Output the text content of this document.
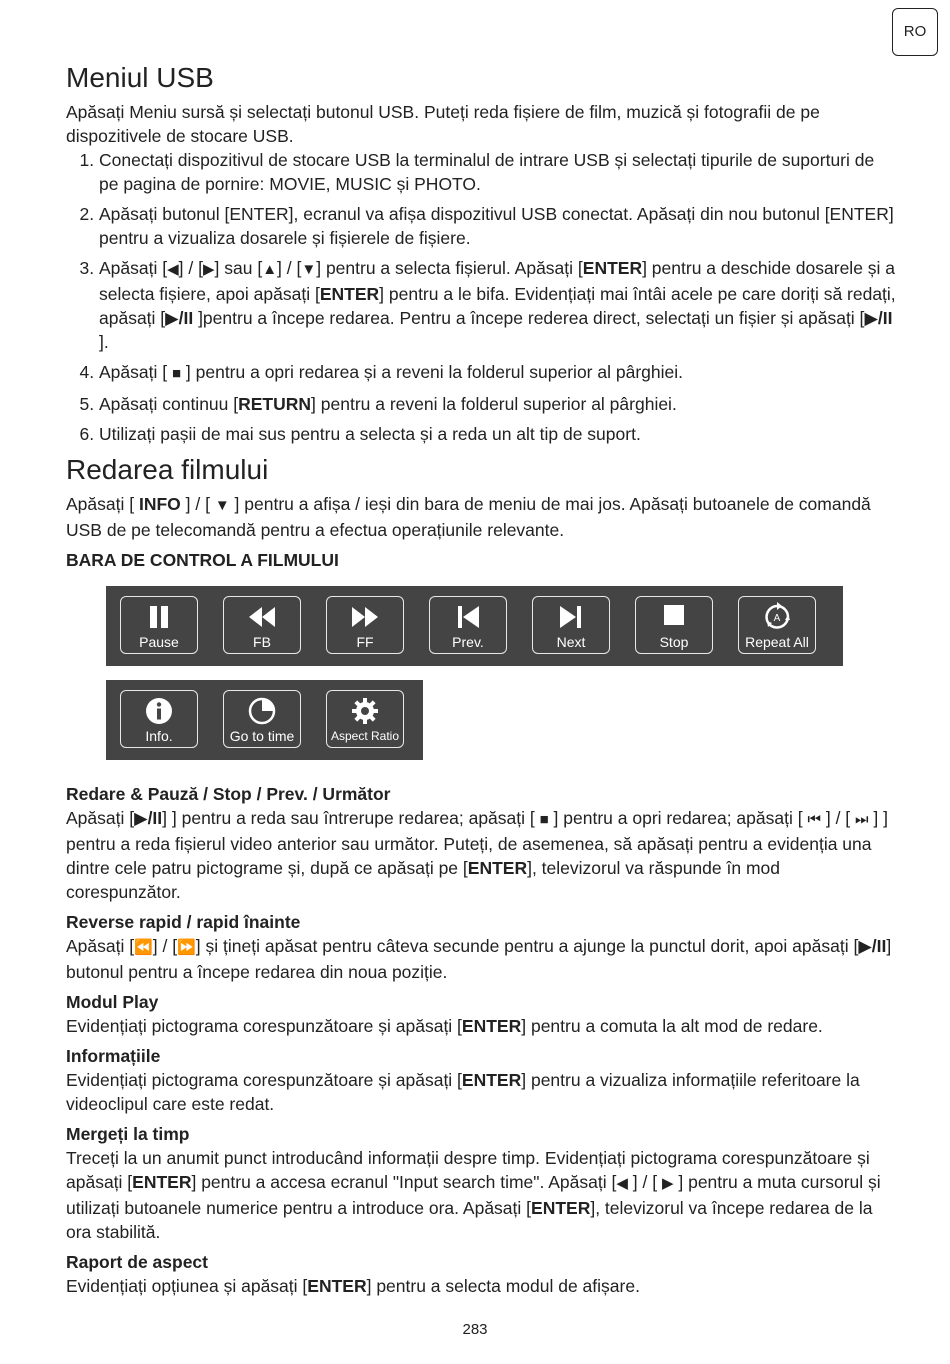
RO
Meniul USB

Apăsați Meniu sursă și selectați butonul USB. Puteți reda fișiere de film, muzică și fotografii de pe dispozitivele de stocare USB.

1. Conectați dispozitivul de stocare USB la terminalul de intrare USB și selectați tipurile de suporturi de pe pagina de pornire: MOVIE, MUSIC și PHOTO.
2. Apăsați butonul [ENTER], ecranul va afișa dispozitivul USB conectat. Apăsați din nou butonul [ENTER] pentru a vizualiza dosarele și fișierele de fișiere.
3. Apăsați [◀] / [▶] sau [▲] / [▼] pentru a selecta fișierul. Apăsați [ENTER] pentru a deschide dosarele și a selecta fișiere, apoi apăsați [ENTER] pentru a le bifa. Evidențiați mai întâi acele pe care doriți să redați, apăsați [▶/II ]pentru a începe redarea. Pentru a începe rederea direct, selectați un fișier și apăsați [▶/II ].
4. Apăsați [ ■ ] pentru a opri redarea și a reveni la folderul superior al pârghiei.
5. Apăsați continuu [RETURN] pentru a reveni la folderul superior al pârghiei.
6. Utilizați pașii de mai sus pentru a selecta și a reda un alt tip de suport.
Redarea filmului

Apăsați [ INFO ] / [ ▼ ] pentru a afișa / ieși din bara de meniu de mai jos. Apăsați butoanele de comandă USB de pe telecomandă pentru a efectua operațiunile relevante.

BARA DE CONTROL A FILMULUI

Pause	FB	FF	Prev.	Next	Stop
A
Repeat All
Info.	Go to time	Aspect Ratio

Redare & Pauză / Stop / Prev. / Următor

Apăsați [▶/II] ] pentru a reda sau întrerupe redarea; apăsați [ ■ ] pentru a opri redarea; apăsați [ ⏮ ] / [ ⏭ ] ] pentru a reda fișierul video anterior sau următor. Puteți, de asemenea, să apăsați pentru a evidenția una dintre cele patru pictograme și, după ce apăsați pe [ENTER], televizorul va răspunde în mod corespunzător.

Reverse rapid / rapid înainte

Apăsați [⏪] / [⏩] și țineți apăsat pentru câteva secunde pentru a ajunge la punctul dorit, apoi apăsați [▶/II] butonul pentru a începe redarea din noua poziție.

Modul Play

Evidențiați pictograma corespunzătoare și apăsați [ENTER] pentru a comuta la alt mod de redare.

Informațiile

Evidențiați pictograma corespunzătoare și apăsați [ENTER] pentru a vizualiza informațiile referitoare la videoclipul care este redat.

Mergeți la timp

Treceți la un anumit punct introducând informații despre timp. Evidențiați pictograma corespunzătoare și apăsați [ENTER] pentru a accesa ecranul "Input search time". Apăsați [◀ ] / [ ▶ ] pentru a muta cursorul și utilizați butoanele numerice pentru a introduce ora. Apăsați [ENTER], televizorul va începe redarea de la ora stabilită.

Raport de aspect

Evidențiați opțiunea și apăsați [ENTER] pentru a selecta modul de afișare.

283
